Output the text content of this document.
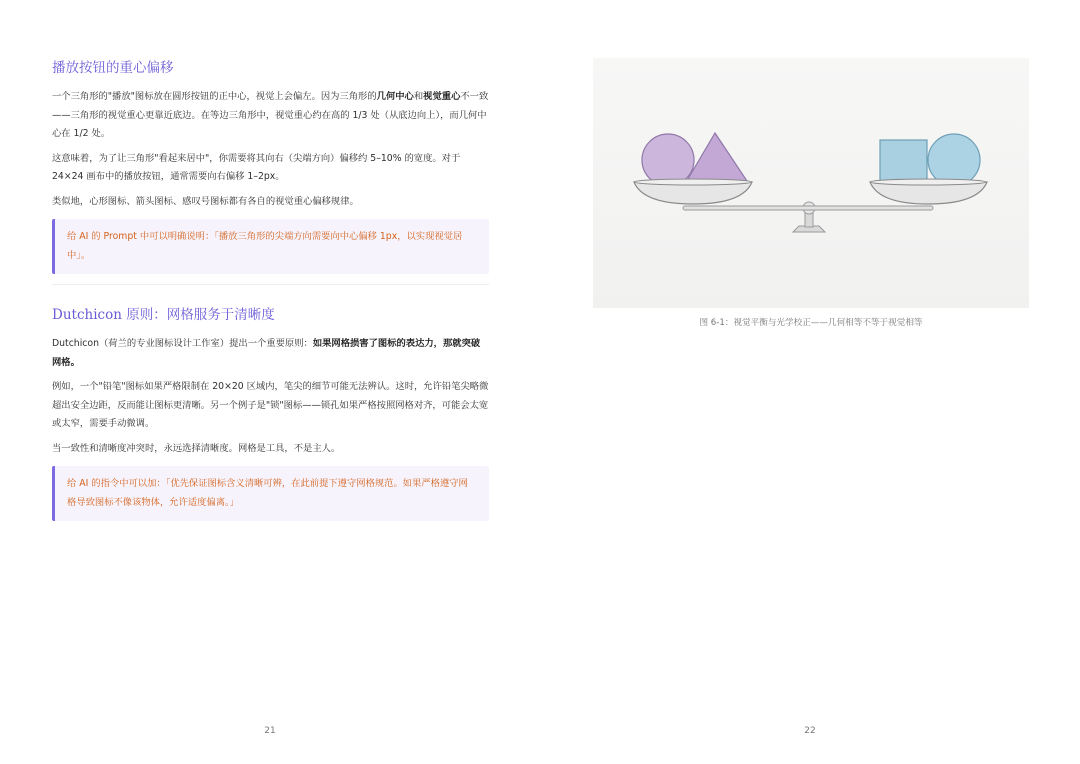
播放按钮的重心偏移

一个三角形的"播放"图标放在圆形按钮的正中心，视觉上会偏左。因为三角形的几何中心和视觉重心不一致——三角形的视觉重心更靠近底边。在等边三角形中，视觉重心约在高的 1/3 处（从底边向上），而几何中心在 1/2 处。

这意味着，为了让三角形"看起来居中"，你需要将其向右（尖端方向）偏移约 5–10% 的宽度。对于 24×24 画布中的播放按钮，通常需要向右偏移 1–2px。

类似地，心形图标、箭头图标、感叹号图标都有各自的视觉重心偏移规律。

给 AI 的 Prompt 中可以明确说明：「播放三角形的尖端方向需要向中心偏移 1px，以实现视觉居中」。
Dutchicon 原则：网格服务于清晰度

Dutchicon（荷兰的专业图标设计工作室）提出一个重要原则：如果网格损害了图标的表达力，那就突破网格。

例如，一个"铅笔"图标如果严格限制在 20×20 区域内，笔尖的细节可能无法辨认。这时，允许铅笔尖略微超出安全边距，反而能让图标更清晰。另一个例子是"锁"图标——锁孔如果严格按照网格对齐，可能会太宽或太窄，需要手动微调。

当一致性和清晰度冲突时，永远选择清晰度。网格是工具，不是主人。

给 AI 的指令中可以加：「优先保证图标含义清晰可辨，在此前提下遵守网格规范。如果严格遵守网格导致图标不像该物体，允许适度偏离。」
21
图 6-1：视觉平衡与光学校正——几何相等不等于视觉相等
22
